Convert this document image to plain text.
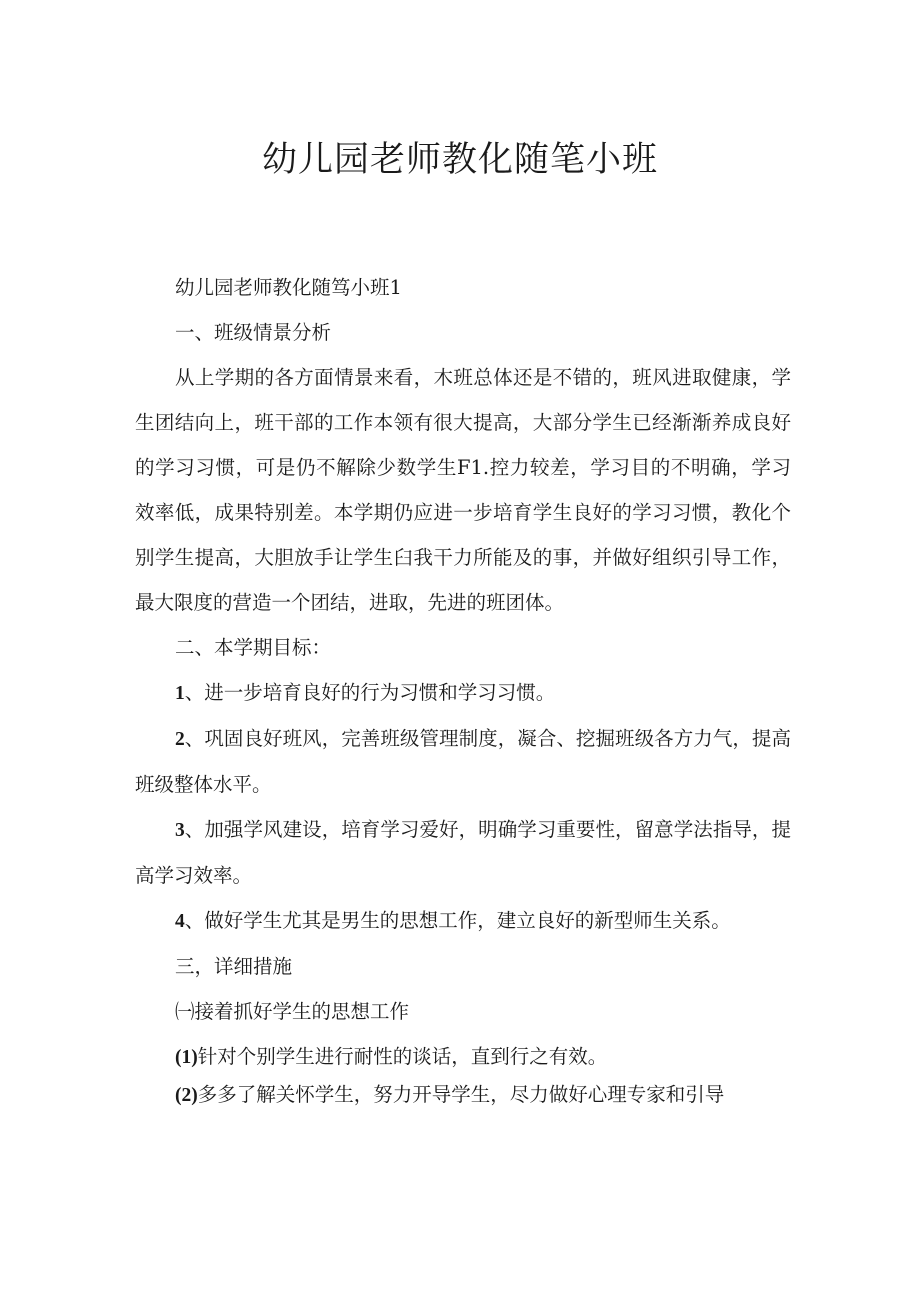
幼儿园老师教化随笔小班

幼儿园老师教化随笃小班1

一、班级情景分析

从上学期的各方面情景来看，木班总体还是不错的，班风进取健康，学生团结向上，班干部的工作本领有很大提高，大部分学生已经渐渐养成良好的学习习惯，可是仍不解除少数学生F1.控力较差，学习目的不明确，学习效率低，成果特别差。本学期仍应进一步培育学生良好的学习习惯，教化个别学生提高，大胆放手让学生臼我干力所能及的事，并做好组织引导工作，最大限度的营造一个团结，进取，先进的班团体。

二、本学期目标：

1、进一步培育良好的行为习惯和学习习惯。

2、巩固良好班风，完善班级管理制度，凝合、挖掘班级各方力气，提高班级整体水平。

3、加强学风建设，培育学习爱好，明确学习重要性，留意学法指导，提高学习效率。

4、做好学生尤其是男生的思想工作，建立良好的新型师生关系。

三，详细措施

㈠接着抓好学生的思想工作

(1)针对个别学生进行耐性的谈话，直到行之有效。

(2)多多了解关怀学生，努力开导学生，尽力做好心理专家和引导
